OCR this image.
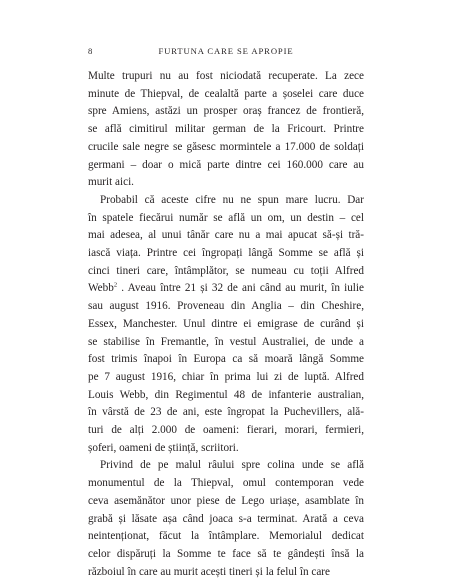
8	FURTUNA CARE SE APROPIE
Multe trupuri nu au fost niciodată recuperate. La zece
minute de Thiepval, de cealaltă parte a șoselei care duce
spre Amiens, astăzi un prosper oraș francez de frontieră,
se află cimitirul militar german de la Fricourt. Printre
crucile sale negre se găsesc mormintele a 17.000 de soldați
germani – doar o mică parte dintre cei 160.000 care au
murit aici.
Probabil că aceste cifre nu ne spun mare lucru. Dar
în spatele fiecărui număr se află un om, un destin – cel
mai adesea, al unui tânăr care nu a mai apucat să-și tră-
iască viața. Printre cei îngropați lângă Somme se află și
cinci tineri care, întâmplător, se numeau cu toții Alfred
Webb$^2$ . Aveau între 21 și 32 de ani când au murit, în iulie
sau august 1916. Proveneau din Anglia – din Cheshire,
Essex, Manchester. Unul dintre ei emigrase de curând și
se stabilise în Fremantle, în vestul Australiei, de unde a
fost trimis înapoi în Europa ca să moară lângă Somme
pe 7 august 1916, chiar în prima lui zi de luptă. Alfred
Louis Webb, din Regimentul 48 de infanterie australian,
în vârstă de 23 de ani, este îngropat la Puchevillers, ală-
turi de alți 2.000 de oameni: fierari, morari, fermieri,
șoferi, oameni de știință, scriitori.
Privind de pe malul râului spre colina unde se află
monumentul de la Thiepval, omul contemporan vede
ceva asemănător unor piese de Lego uriașe, asamblate în
grabă și lăsate așa când joaca s-a terminat. Arată a ceva
neintenționat, făcut la întâmplare. Memorialul dedicat
celor dispăruți la Somme te face să te gândești însă la
războiul în care au murit acești tineri și la felul în care
